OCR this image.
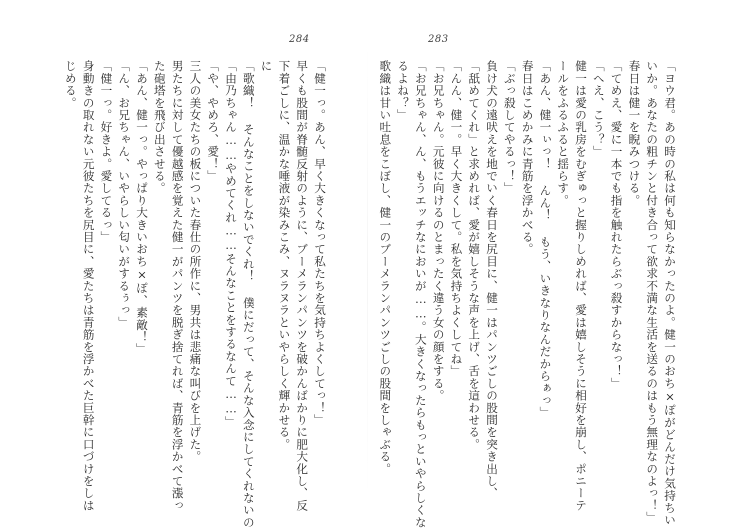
284	283
「健一っ。あん、早く大きくなって私たちを気持ちよくしてっ！」
早くも股間が脊髄反射のように、ブーメランパンツを破かんばかりに肥大化し、反
下着ごしに、温かな唾液が染みこみ、ヌラヌラといやらしく輝かせる。
に
「歌織！ そんなことをしないでくれ！ 僕にだって、そんな入念にしてくれないの
「由乃ちゃん……やめてくれ……そんなことをするなんて……」
「や、やめろ、愛！」
三人の美女たちの板についた春仕の所作に、男共は悲痛な叫びを上げた。
男たちに対して優越感を覚えた健一がパンツを脱ぎ捨てれば、青筋を浮かべて漲っ
た砲塔を飛び出させる。
「あん、健一っ。やっぱり大きいおち×ぽ、素敵！」
「ん、お兄ちゃん、いやらしい匂いがするぅっ」
「健一っ。好きよ。愛してるっ」
身動きの取れない元彼たちを尻目に、愛たちは青筋を浮かべた巨幹に口づけをしは
じめる。	「ヨウ君。あの時の私は何も知らなかったのよ。健一のおち×ぽがどんだけ気持ちい
いか。あなたの粗チンと付き合って欲求不満な生活を送るのはもう無理なのよっ！」
春日は健一を睨みつける。
「てめえ、愛に一本でも指を触れたらぶっ殺すからなっ！」
「へえ、こう？」
健一は愛の乳房をむぎゅっと握りしめれば、愛は嬉しそうに相好を崩し、ポニーテ
ールをふるふると揺らす。
「あん、健一ぃっ！ んん！ もう、いきなりなんだからぁっ」
春日はこめかみに青筋を浮かべる。
「ぶっ殺してやるっ！」
負け犬の遠吠えを地でいく春日を尻目に、健一はパンツごしの股間を突き出し、
「舐めてくれ」と求めれば、愛が嬉しそうな声を上げ、舌を這わせる。
「んん、健一。早く大きくして。私を気持ちよくしてね」
「お兄ちゃん。元彼に向けるのとまったく違う女の顔をする。
「お兄ちゃん、ん、もうエッチなにおいが……。大きくなったらもっといやらしくな
るよね？」
歌織は甘い吐息をこぼし、健一のブーメランパンツごしの股間をしゃぶる。
